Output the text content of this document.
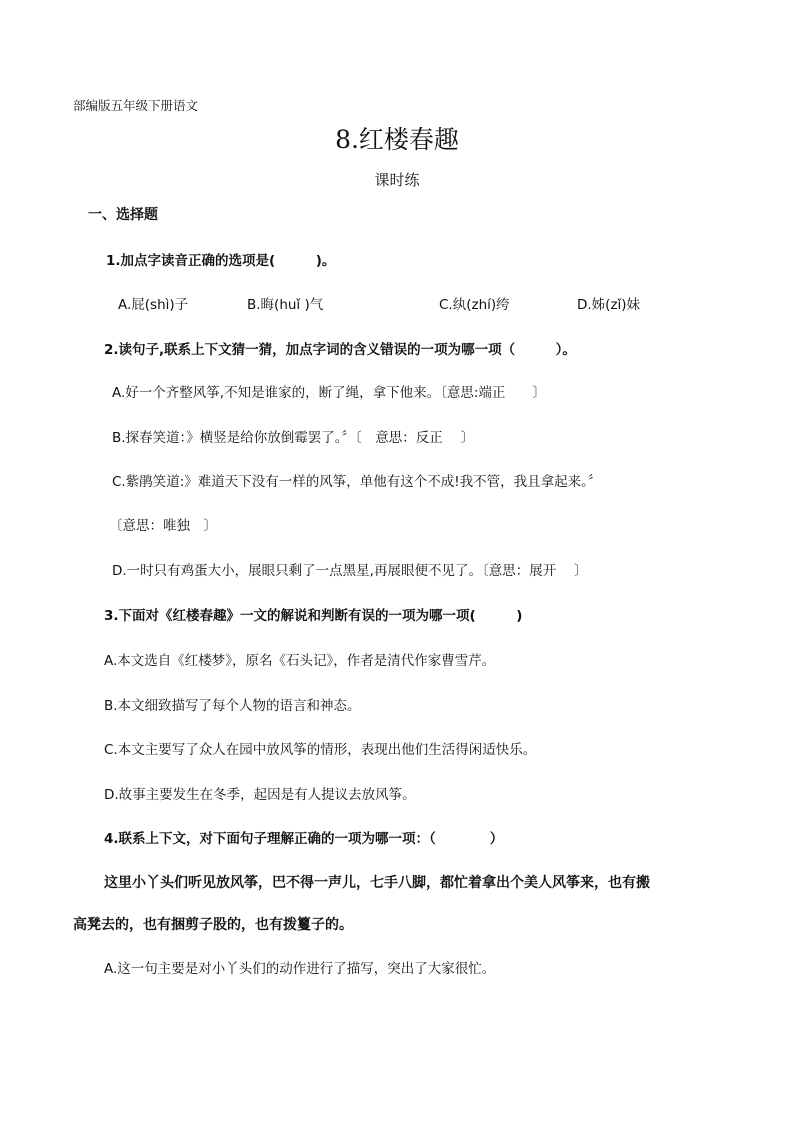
部编版五年级下册语文
8.红楼春趣
课时练
一、选择题
1.加点字读音正确的选项是(　　　)。
A.屁(shì)子	B.晦(huǐ )气	C.纨(zhí)绔	D.姊(zǐ)妹
2.读句子,联系上下文猜一猜，加点字词的含义错误的一项为哪一项（　　　）。
A.好一个齐整风筝,不知是谁家的，断了绳，拿下他来。〔意思:端正　　〕
B.探春笑道：》横竖是给你放倒霉罢了。〞〔　意思：反正　 〕
C.紫鹃笑道:》难道天下没有一样的风筝，单他有这个不成!我不管，我且拿起来。〞
〔意思：唯独　〕
D.一时只有鸡蛋大小，展眼只剩了一点黑星,再展眼便不见了。〔意思：展开　 〕
3.下面对《红楼春趣》一文的解说和判断有误的一项为哪一项(　　　)
A.本文选自《红楼梦》，原名《石头记》，作者是清代作家曹雪芹。
B.本文细致描写了每个人物的语言和神态。
C.本文主要写了众人在园中放风筝的情形，表现出他们生活得闲适快乐。
D.故事主要发生在冬季，起因是有人提议去放风筝。
4.联系上下文，对下面句子理解正确的一项为哪一项：（　　　　）
这里小丫头们听见放风筝，巴不得一声儿，七手八脚，都忙着拿出个美人风筝来，也有搬
高凳去的，也有捆剪子股的，也有拨籰子的。
A.这一句主要是对小丫头们的动作进行了描写，突出了大家很忙。
